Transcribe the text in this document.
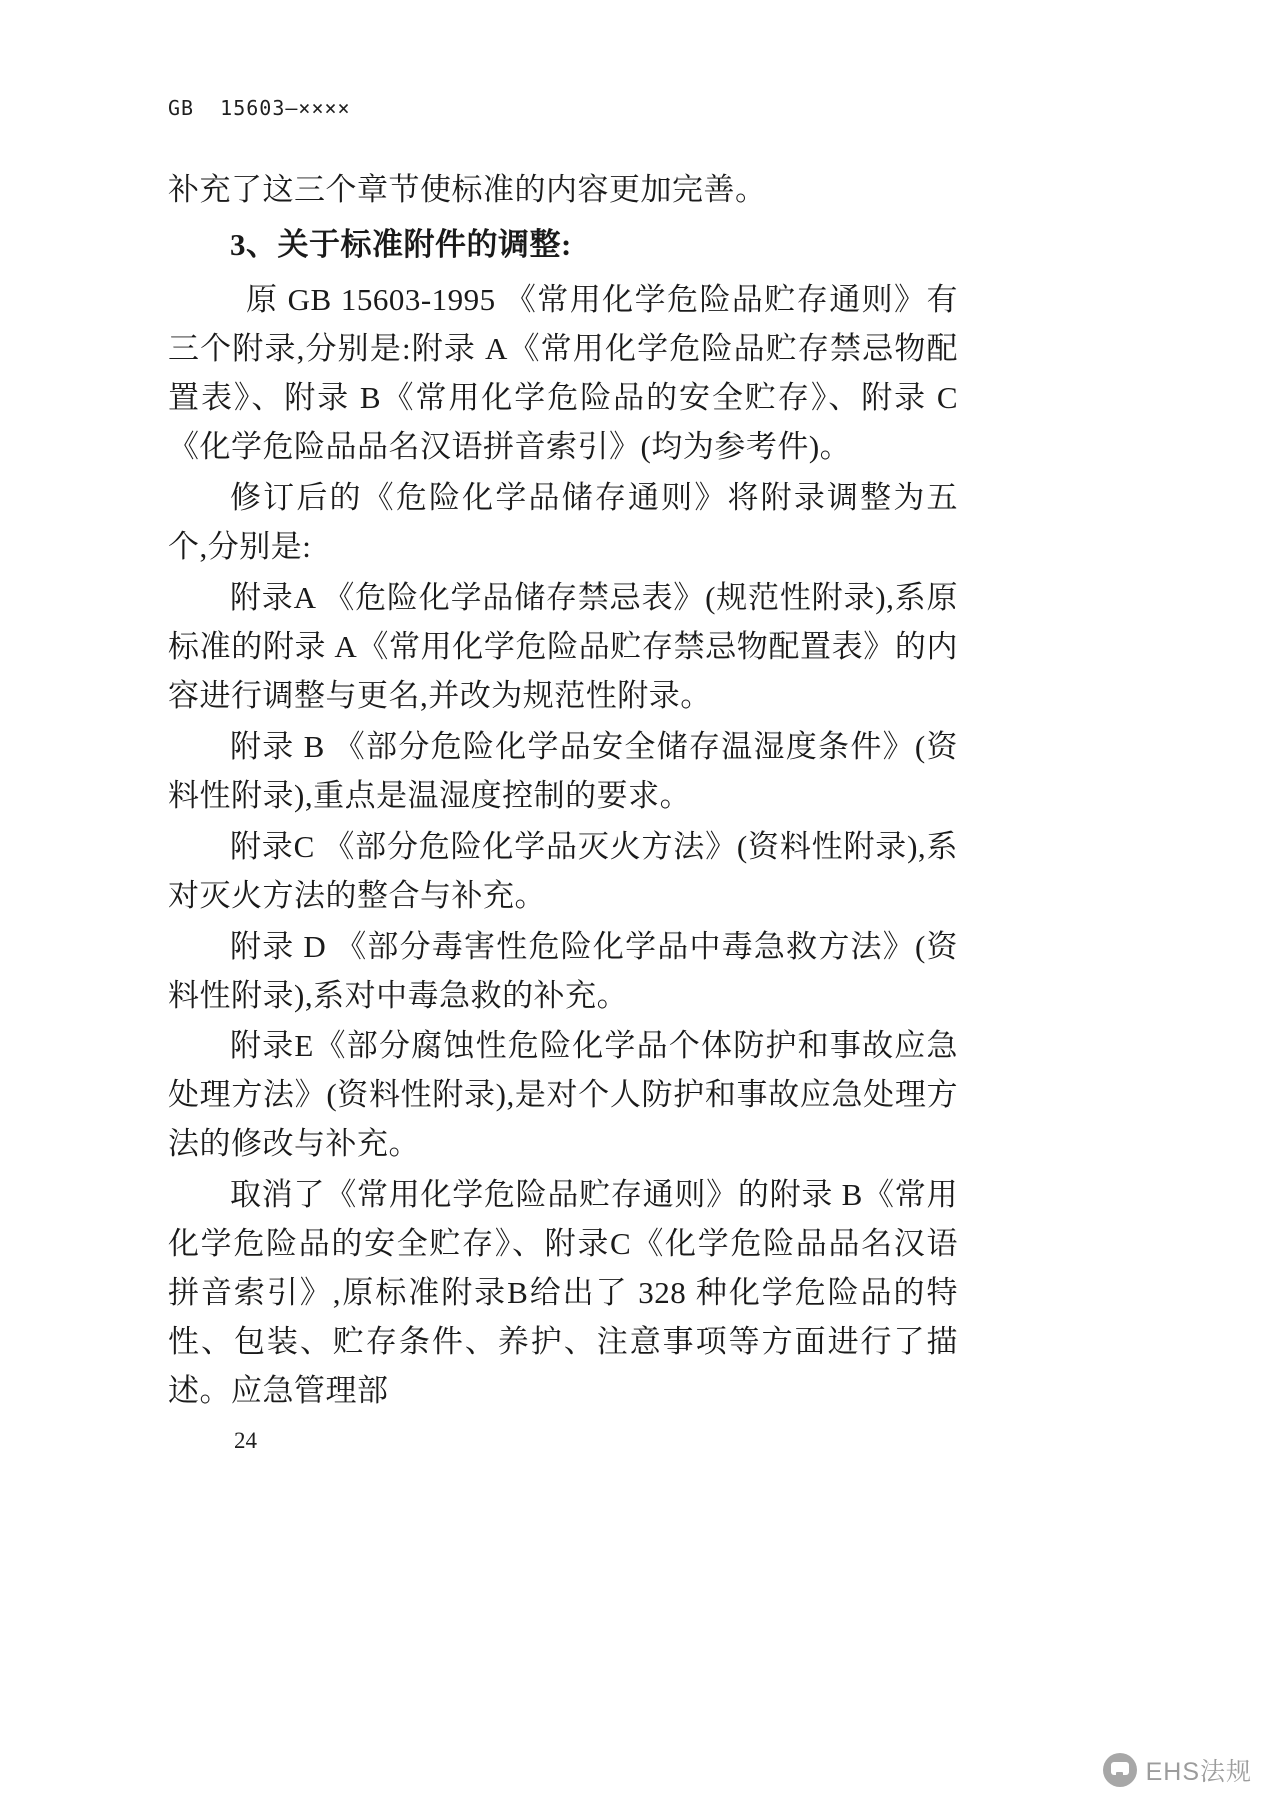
GB  15603—××××

补充了这三个章节使标准的内容更加完善。

3、关于标准附件的调整:

原 GB 15603-1995 《常用化学危险品贮存通则》有三个附录,分别是:附录 A《常用化学危险品贮存禁忌物配置表》、附录 B《常用化学危险品的安全贮存》、附录 C《化学危险品品名汉语拼音索引》(均为参考件)。

修订后的《危险化学品储存通则》将附录调整为五个,分别是:

附录A 《危险化学品储存禁忌表》(规范性附录),系原标准的附录 A《常用化学危险品贮存禁忌物配置表》的内容进行调整与更名,并改为规范性附录。

附录 B 《部分危险化学品安全储存温湿度条件》(资料性附录),重点是温湿度控制的要求。

附录C 《部分危险化学品灭火方法》(资料性附录),系对灭火方法的整合与补充。

附录 D 《部分毒害性危险化学品中毒急救方法》(资料性附录),系对中毒急救的补充。

附录E《部分腐蚀性危险化学品个体防护和事故应急处理方法》(资料性附录),是对个人防护和事故应急处理方法的修改与补充。

取消了《常用化学危险品贮存通则》的附录 B《常用化学危险品的安全贮存》、附录C《化学危险品品名汉语拼音索引》,原标准附录B给出了 328 种化学危险品的特性、包装、贮存条件、养护、注意事项等方面进行了描述。应急管理部

24
EHS法规
